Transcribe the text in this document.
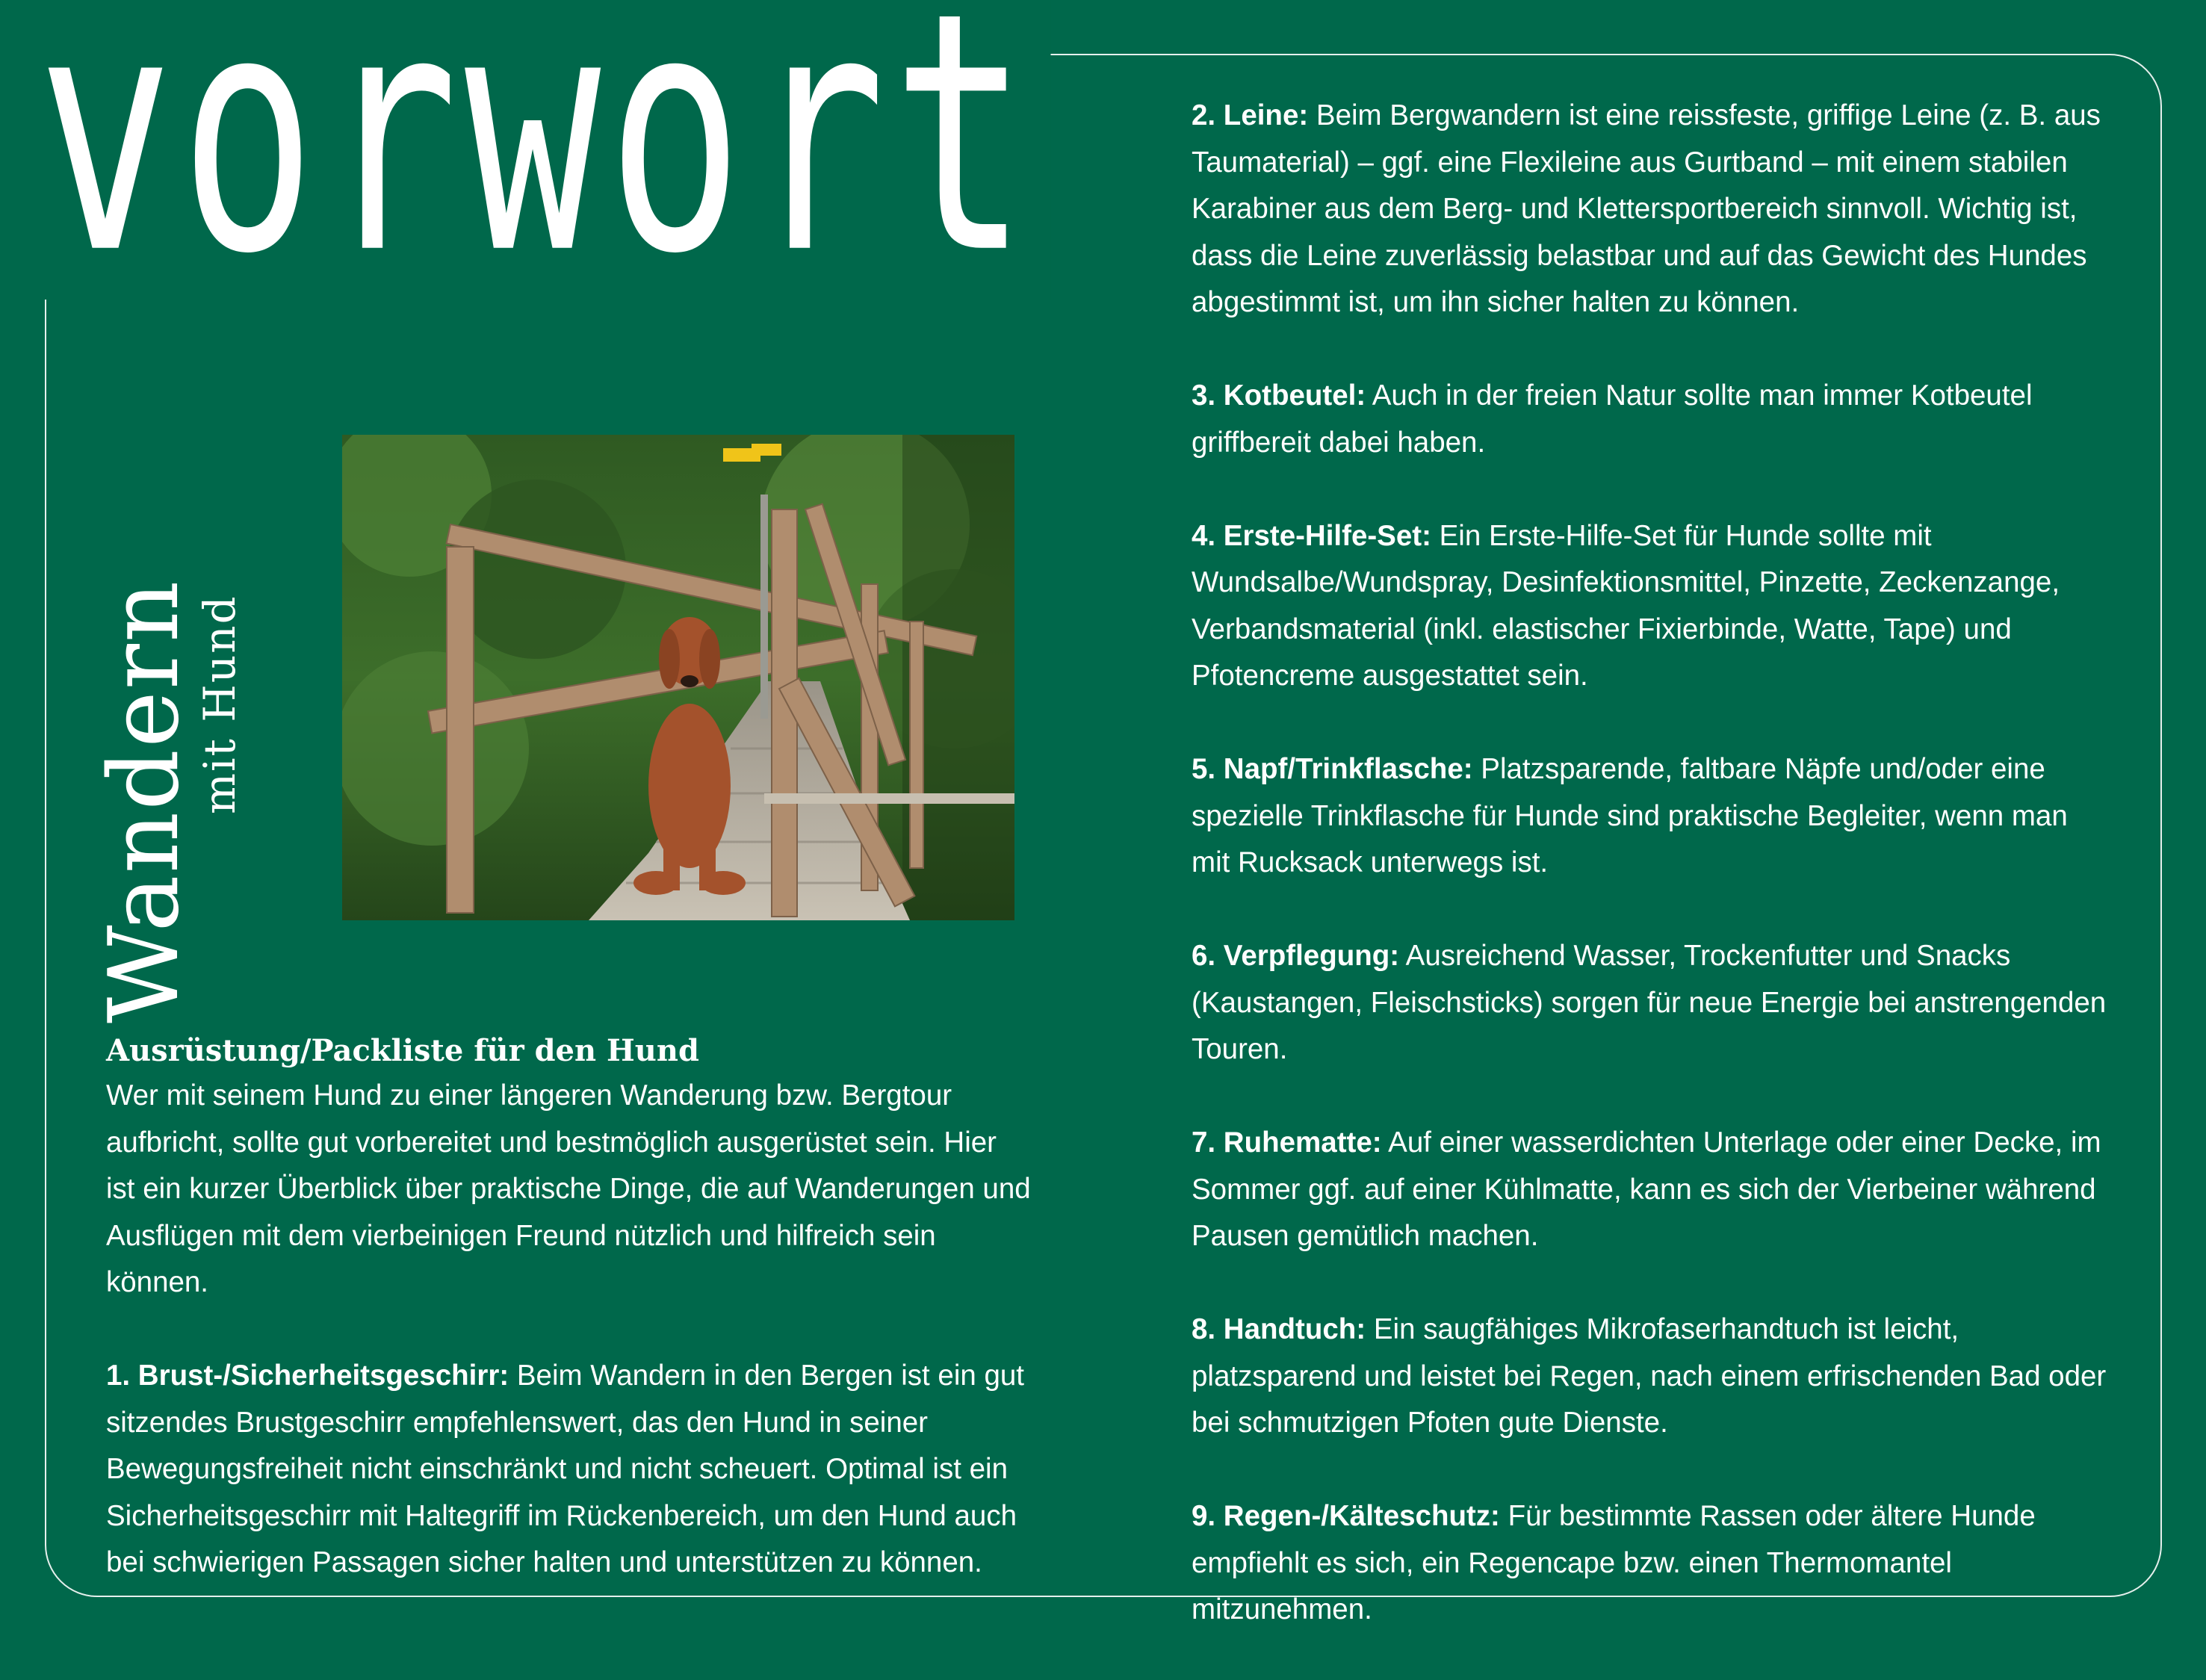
vorwort
Wandern
mit Hund
Ausrüstung/Packliste für den Hund

Wer mit seinem Hund zu einer längeren Wanderung bzw. Bergtour aufbricht, sollte gut vorbereitet und bestmöglich ausgerüstet sein. Hier ist ein kurzer Überblick über praktische Dinge, die auf Wanderungen und Ausflügen mit dem vierbeinigen Freund nützlich und hilfreich sein können.

1. Brust-/Sicherheitsgeschirr: Beim Wandern in den Bergen ist ein gut sitzendes Brustgeschirr empfehlenswert, das den Hund in seiner Bewegungsfreiheit nicht einschränkt und nicht scheuert. Optimal ist ein Sicherheitsgeschirr mit Haltegriff im Rückenbereich, um den Hund auch bei schwierigen Passagen sicher halten und unterstützen zu können.

2. Leine: Beim Bergwandern ist eine reissfeste, griffige Leine (z. B. aus Taumaterial) – ggf. eine Flexileine aus Gurtband – mit einem stabilen Karabiner aus dem Berg- und Klettersportbereich sinnvoll. Wichtig ist, dass die Leine zuverlässig belastbar und auf das Gewicht des Hundes abgestimmt ist, um ihn sicher halten zu können.

3. Kotbeutel: Auch in der freien Natur sollte man immer Kotbeutel griffbereit dabei haben.

4. Erste-Hilfe-Set: Ein Erste-Hilfe-Set für Hunde sollte mit Wundsalbe/Wundspray, Desinfektionsmittel, Pinzette, Zeckenzange, Verbandsmaterial (inkl. elastischer Fixierbinde, Watte, Tape) und Pfotencreme ausgestattet sein.

5. Napf/Trinkflasche: Platzsparende, faltbare Näpfe und/oder eine spezielle Trinkflasche für Hunde sind praktische Begleiter, wenn man mit Rucksack unterwegs ist.

6. Verpflegung: Ausreichend Wasser, Trockenfutter und Snacks (Kaustangen, Fleischsticks) sorgen für neue Energie bei anstrengenden Touren.

7. Ruhematte: Auf einer wasserdichten Unterlage oder einer Decke, im Sommer ggf. auf einer Kühlmatte, kann es sich der Vierbeiner während Pausen gemütlich machen.

8. Handtuch: Ein saugfähiges Mikrofaserhandtuch ist leicht, platzsparend und leistet bei Regen, nach einem erfrischenden Bad oder bei schmutzigen Pfoten gute Dienste.

9. Regen-/Kälteschutz: Für bestimmte Rassen oder ältere Hunde empfiehlt es sich, ein Regencape bzw. einen Thermomantel mitzunehmen.
